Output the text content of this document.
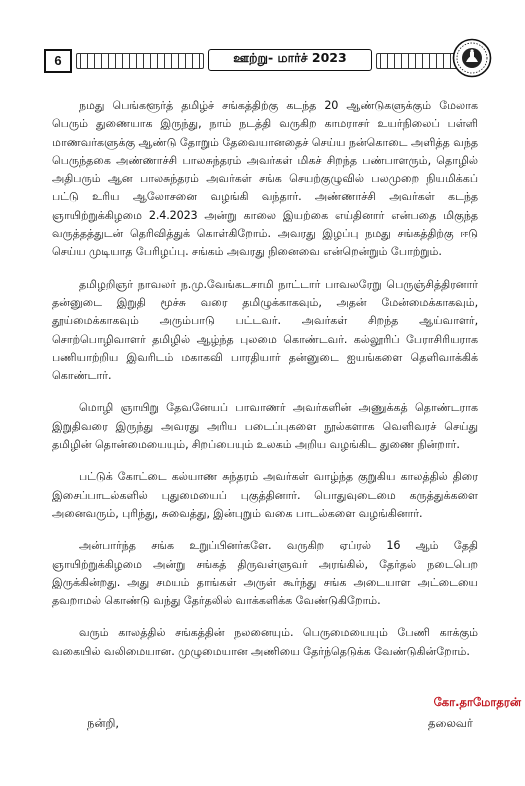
6	ஊற்று- மார்ச் 2023

நமது பெங்களூர்த் தமிழ்ச் சங்கத்திற்கு கடந்த 20 ஆண்டுகளுக்கும் மேலாக பெரும் துணையாக இருந்து, நாம் நடத்தி வருகிற காமராசர் உயர்நிலைப் பள்ளி மாணவர்களுக்கு ஆண்டு தோறும் தேவையானதைச் செய்ய நன்கொடை அளித்த வந்த பெருந்தகை அண்ணாச்சி பாலசுந்தரம் அவர்கள் மிகச் சிறந்த பண்பாளரும், தொழில் அதிபரும் ஆன பாலசுந்தரம் அவர்கள் சங்க செயற்குழுவில் பலமுறை நியமிக்கப் பட்டு உரிய ஆலோசனை வழங்கி வந்தார். அண்ணாச்சி அவர்கள் கடந்த ஞாயிற்றுக்கிழமை 2.4.2023 அன்று காலை இயற்கை எய்தினார் என்பதை மிகுந்த வருத்தத்துடன் தெரிவித்துக் கொள்கிறோம். அவரது இழப்பு நமது சங்கத்திற்கு ஈடு செய்ய முடியாத பேரிழப்பு. சங்கம் அவரது நினைவை என்றென்றும் போற்றும்.

தமிழறிஞர் நாவலர் ந.மு.வேங்கடசாமி நாட்டார் பாவலரேறு பெருஞ்சித்திரனார் தன்னுடை இறுதி மூச்சு வரை தமிழுக்காகவும், அதன் மேன்மைக்காகவும், தூய்மைக்காகவும் அரும்பாடு பட்டவர். அவர்கள் சிறந்த ஆய்வாளர், சொற்பொழிவாளர் தமிழில் ஆழ்ந்த புலமை கொண்டவர். கல்லூரிப் பேராசிரியராக பணியாற்றிய இவரிடம் மகாகவி பாரதியார் தன்னுடை ஐயங்களை தெளிவாக்கிக் கொண்டார்.

மொழி ஞாயிறு தேவனேயப் பாவாணர் அவர்களின் அணுக்கத் தொண்டராக இறுதிவரை இருந்து அவரது அரிய படைப்புகளை நூல்களாக வெளிவரச் செய்து தமிழின் தொன்மையையும், சிறப்பையும் உலகம் அறிய வழங்கிட துணை நின்றார்.

பட்டுக் கோட்டை கல்யாண சுந்தரம் அவர்கள் வாழ்ந்த குறுகிய காலத்தில் திரை இசைப்பாடல்களில் புதுமையைப் புகுத்தினார். பொதுவுடைமை கருத்துக்களை அனைவரும், புரிந்து, சுவைத்து, இன்புறும் வகை பாடல்களை வழங்கினார்.

அன்பார்ந்த சங்க உறுப்பினர்களே. வருகிற ஏப்ரல் 16 ஆம் தேதி ஞாயிற்றுக்கிழமை அன்று சங்கத் திருவள்ளுவர் அரங்கில், தேர்தல் நடைபெற இருக்கின்றது. அது சமயம் தாங்கள் அருள் கூர்ந்து சங்க அடையாள அட்டையை தவறாமல் கொண்டு வந்து தேர்தலில் வாக்களிக்க வேண்டுகிறோம்.

வரும் காலத்தில் சங்கத்தின் நலனையும். பெருமையையும் பேணி காக்கும் வகையில் வலிமையான. முழுமையான அணியை தேர்ந்தெடுக்க வேண்டுகின்றோம்.

கோ.தாமோதரன்
நன்றி,	தலைவர்
